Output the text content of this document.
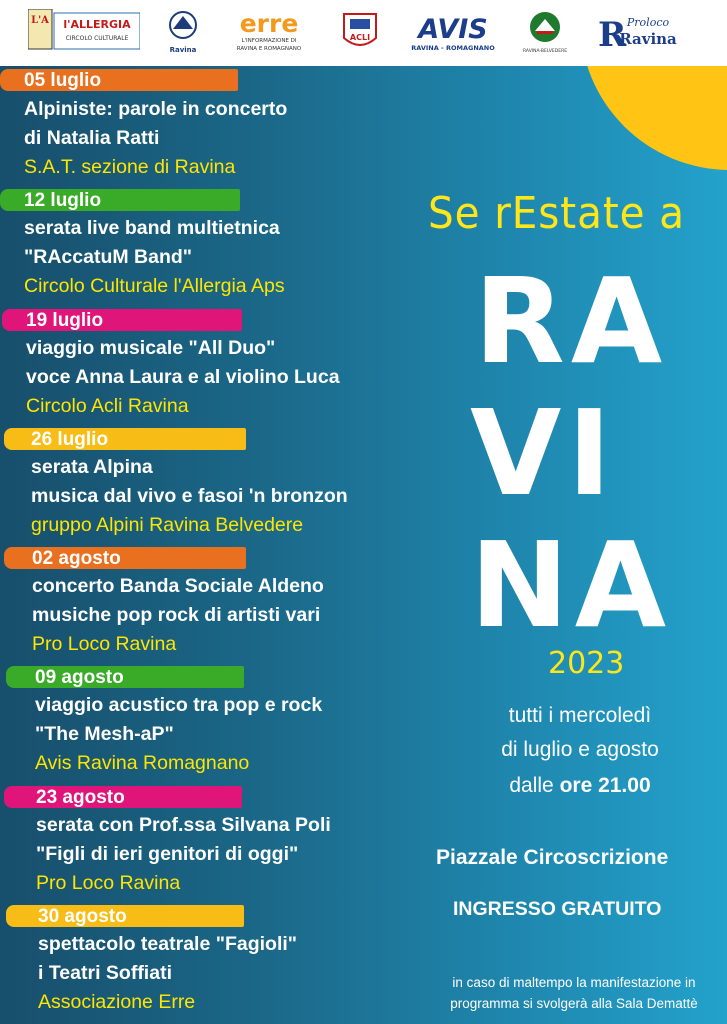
L'A l'ALLERGIA
CIRCOLO CULTURALE
Ravina
erre
L'INFORMAZIONE DI
RAVINA E ROMAGNANO
ACLI AVIS
RAVINA - ROMAGNANO	RAVINA-BELVEDERE R Proloco
Ravina
05 luglio
Alpiniste: parole in concerto
di Natalia Ratti
S.A.T. sezione di Ravina
12 luglio
serata live band multietnica
"RAccatuM Band"
Circolo Culturale l'Allergia Aps
19 luglio
viaggio musicale "All Duo"
voce Anna Laura e al violino Luca
Circolo Acli Ravina
26 luglio
serata Alpina
musica dal vivo e fasoi 'n bronzon
gruppo Alpini Ravina Belvedere
02 agosto
concerto Banda Sociale Aldeno
musiche pop rock di artisti vari
Pro Loco Ravina
09 agosto
viaggio acustico tra pop e rock
"The Mesh-aP"
Avis Ravina Romagnano
23 agosto
serata con Prof.ssa Silvana Poli
"Figli di ieri genitori di oggi"
Pro Loco Ravina
30 agosto
spettacolo teatrale "Fagioli"
i Teatri Soffiati
Associazione Erre
Se rEstate a
RA
VI
NA
2023
tutti i mercoledì
di luglio e agosto
dalle ore 21.00
Piazzale Circoscrizione
INGRESSO GRATUITO
in caso di maltempo la manifestazione in
programma si svolgerà alla Sala Demattè
